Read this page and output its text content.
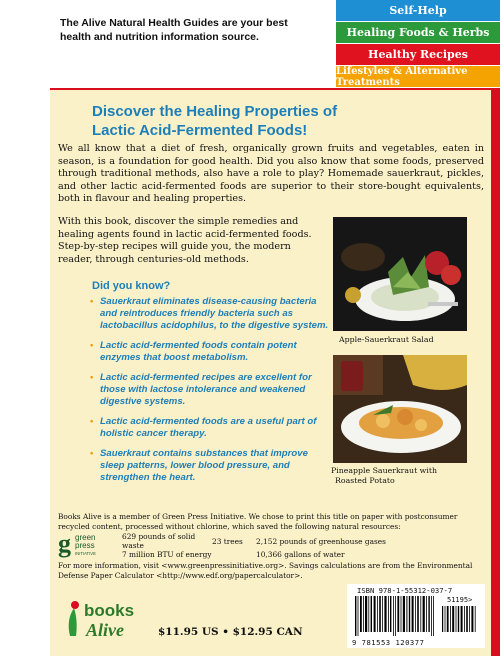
The Alive Natural Health Guides are your best health and nutrition information source.
Self-Help
Healing Foods & Herbs
Healthy Recipes
Lifestyles & Alternative Treatments
Discover the Healing Properties of
Lactic Acid-Fermented Foods!

We all know that a diet of fresh, organically grown fruits and vegetables, eaten in season, is a foundation for good health. Did you also know that some foods, preserved through traditional methods, also have a role to play? Homemade sauerkraut, pickles, and other lactic acid-fermented foods are superior to their store-bought equivalents, both in flavour and healing properties.

With this book, discover the simple remedies and healing agents found in lactic acid-fermented foods. Step-by-step recipes will guide you, the modern reader, through centuries-old methods.

Did you know?
• Sauerkraut eliminates disease-causing bacteria and reintroduces friendly bacteria such as lactobacillus acidophilus, to the digestive system.
• Lactic acid-fermented foods contain potent enzymes that boost metabolism.
• Lactic acid-fermented recipes are excellent for those with lactose intolerance and weakened digestive systems.
• Lactic acid-fermented foods are a useful part of holistic cancer therapy.
• Sauerkraut contains substances that improve sleep patterns, lower blood pressure, and strengthen the heart.
Apple-Sauerkraut Salad
Pineapple Sauerkraut with
Roasted Potato

Books Alive is a member of Green Press Initiative. We chose to print this title on paper with postconsumer recycled content, processed without chlorine, which saved the following natural resources:

g green
press
INITIATIVE
629 pounds of solid waste	23 trees	2,152 pounds of greenhouse gases
7 million BTU of energy		10,366 gallons of water

For more information, visit <www.greenpressinitiative.org>. Savings calculations are from the Environmental Defense Paper Calculator <http://www.edf.org/papercalculator>.

books
Alive	$11.95 US • $12.95 CAN
ISBN 978-1-55312-037-7
51195>
9 781553 120377
